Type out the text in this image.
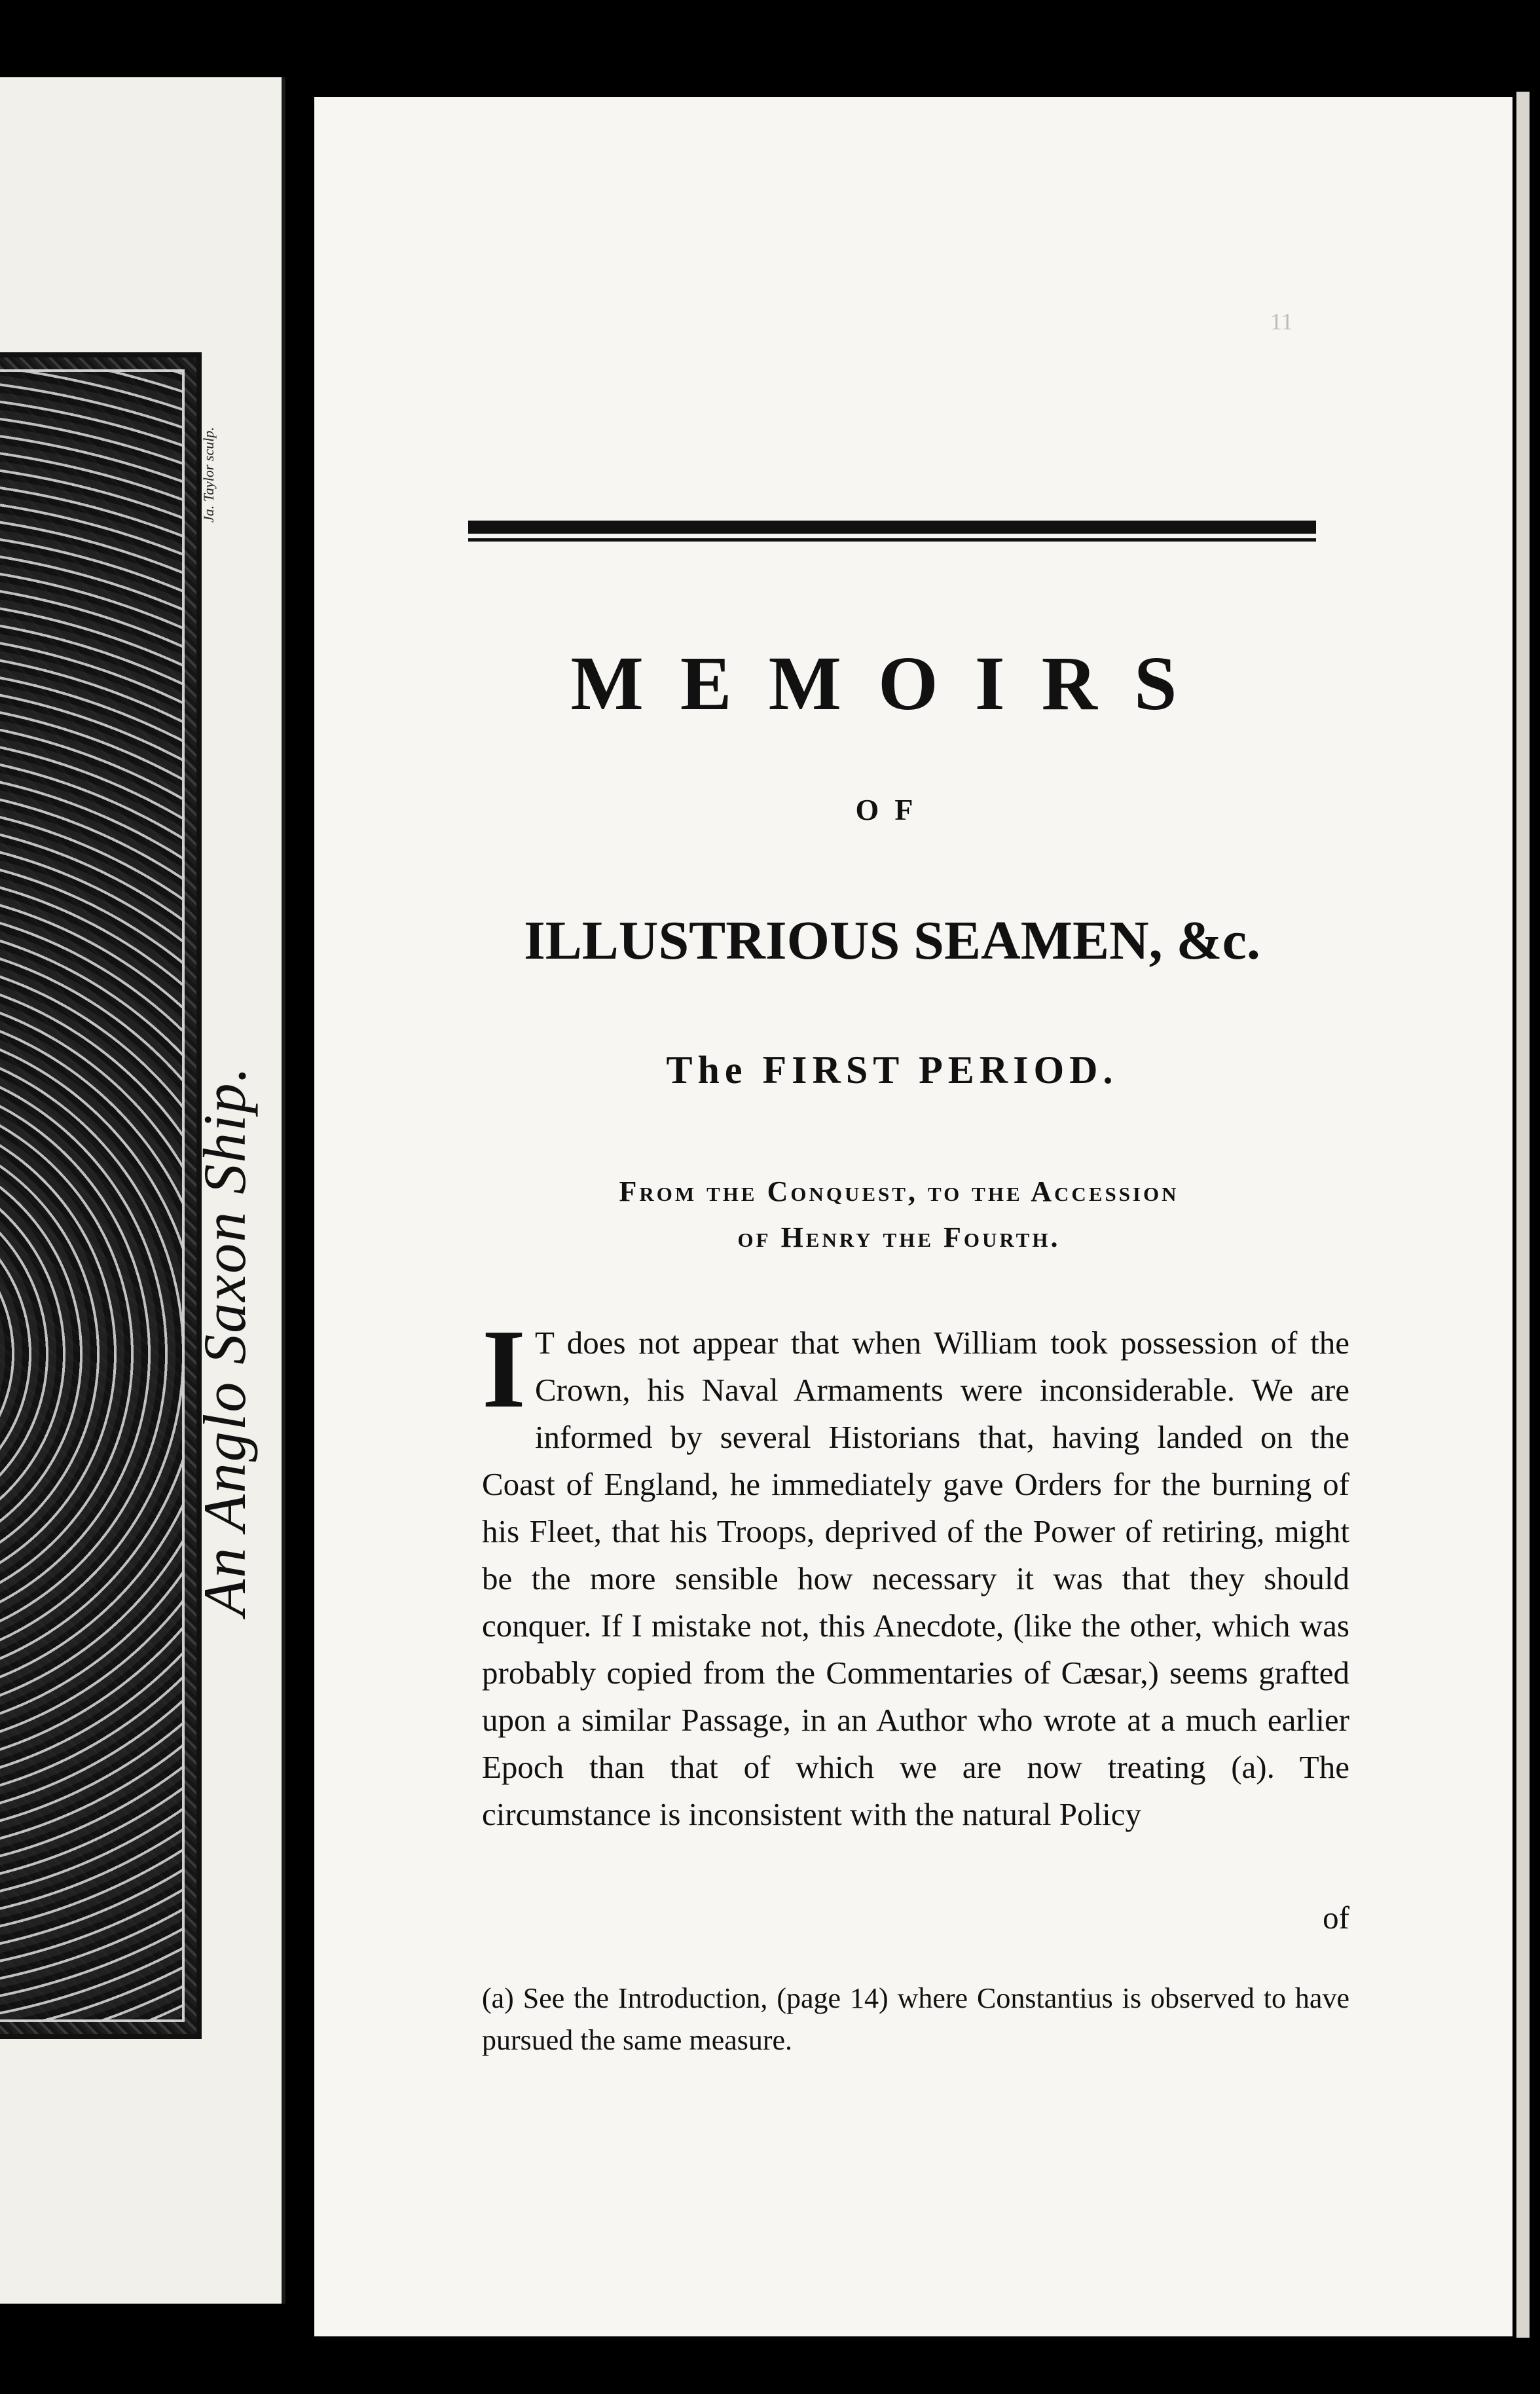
Ja. Taylor sculp.
An Anglo Saxon Ship.
11
MEMOIRS
OF
ILLUSTRIOUS SEAMEN, &c.
The FIRST PERIOD.
From the Conquest, to the Accession
of Henry the Fourth.
I T does not appear that when William took possession of the Crown, his Naval Armaments were inconsiderable. We are informed by several Historians that, having landed on the Coast of England, he immediately gave Orders for the burning of his Fleet, that his Troops, deprived of the Power of retiring, might be the more sensible how necessary it was that they should conquer. If I mistake not, this Anecdote, (like the other, which was probably copied from the Commentaries of Cæsar,) seems grafted upon a similar Passage, in an Author who wrote at a much earlier Epoch than that of which we are now treating (a). The circumstance is inconsistent with the natural Policy

of
(a) See the Introduction, (page 14) where Constantius is observed to have pursued the same measure.
